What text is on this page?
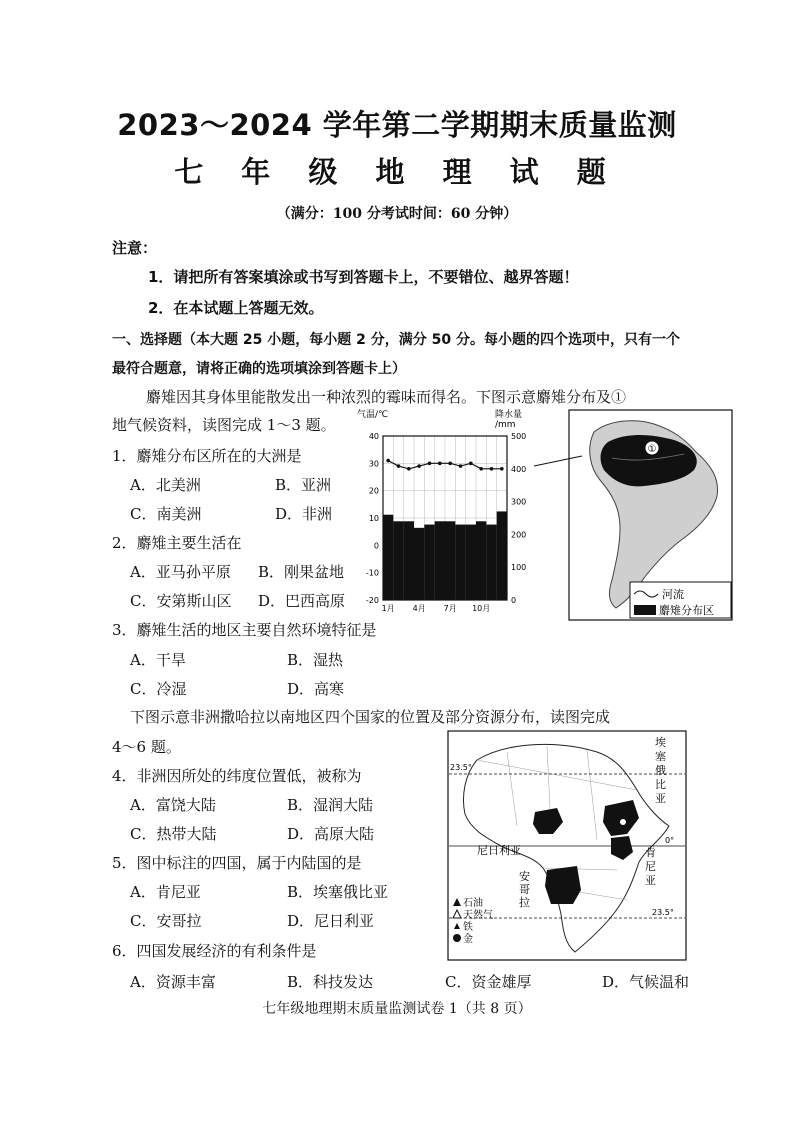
2023～2024 学年第二学期期末质量监测
七 年 级 地 理 试 题
（满分：100 分考试时间：60 分钟）
注意：
1．请把所有答案填涂或书写到答题卡上，不要错位、越界答题！
2．在本试题上答题无效。
一、选择题（本大题 25 小题，每小题 2 分，满分 50 分。每小题的四个选项中，只有一个
最符合题意，请将正确的选项填涂到答题卡上）
麝雉因其身体里能散发出一种浓烈的霉味而得名。下图示意麝雉分布及①
地气候资料，读图完成 1～3 题。
1．麝雉分布区所在的大洲是
A．北美洲	B．亚洲
C．南美洲	D．非洲
2．麝雉主要生活在
A．亚马孙平原 B．刚果盆地
C．安第斯山区 D．巴西高原
3．麝雉生活的地区主要自然环境特征是
A．干旱	B．湿热
C．冷湿	D．高寒
下图示意非洲撒哈拉以南地区四个国家的位置及部分资源分布，读图完成
4～6 题。
4．非洲因所处的纬度位置低，被称为
A．富饶大陆	B．湿润大陆
C．热带大陆	D．高原大陆
5．图中标注的四国，属于内陆国的是
A．肯尼亚	B．埃塞俄比亚
C．安哥拉	D．尼日利亚
6．四国发展经济的有利条件是
A．资源丰富	B．科技发达	C．资金雄厚	D．气候温和
气温/℃	降水量
/mm
40
30
20
10
0
-10
-20
500
400
300
200
100
0
1月 4月 7月 10月
①
河流
麝雉分布区
23.5°
0°
23.5°
尼日利亚
安
哥
拉
埃
塞
俄
比
亚
肯
尼
亚
石油
天然气
铁
金
七年级地理期末质量监测试卷 1（共 8 页）
